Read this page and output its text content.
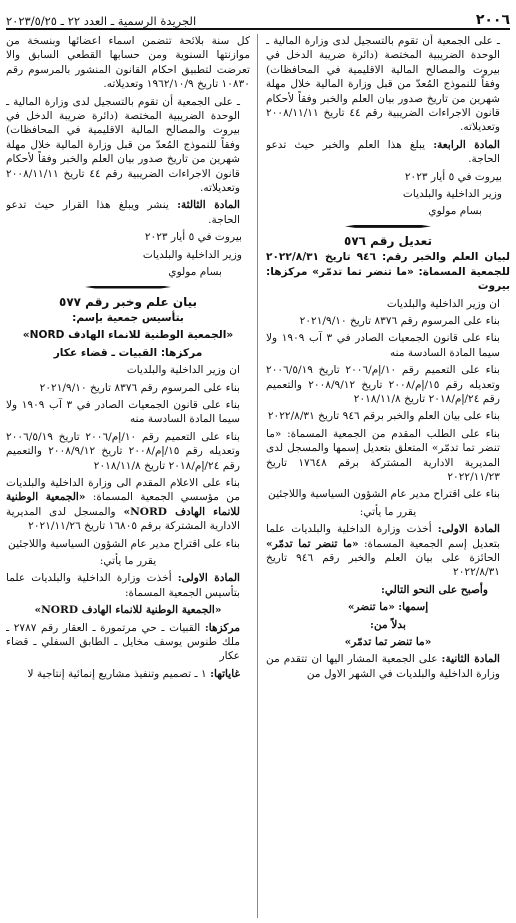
٢٠٠٦
الجريدة الرسمية ـ العدد ٢٢ ـ ٢٠٢٣/٥/٢٥

ـ على الجمعية أن تقوم بالتسجيل لدى وزارة المالية ـ الوحدة الضريبية المختصة (دائرة ضريبة الدخل في بيروت والمصالح المالية الاقليمية في المحافظات) وفقاً للنموذج المُعدّ من قبل وزارة المالية خلال مهلة شهرين من تاريخ صدور بيان العلم والخبر وفقاً لأحكام قانون الاجراءات الضريبية رقم ٤٤ تاريخ ٢٠٠٨/١١/١١ وتعديلاته.

المادة الرابعة: يبلغ هذا العلم والخبر حيث تدعو الحاجة.

بيروت في ٥ أيار ٢٠٢٣

وزير الداخلية والبلديات

بسام مولوي

تعديل رقم ٥٧٦

لبيان العلم والخبر رقم: ٩٤٦ تاريخ ٢٠٢٢/٨/٣١ للجمعية المسماة: «ما تنضر تما تدمّر» مركزها: بيروت

ان وزير الداخلية والبلديات

بناء على المرسوم رقم ٨٣٧٦ تاريخ ٢٠٢١/٩/١٠

بناء على قانون الجمعيات الصادر في ٣ آب ١٩٠٩ ولا سيما المادة السادسة منه

بناء على التعميم رقم ١٠/إم/٢٠٠٦ تاريخ ٢٠٠٦/٥/١٩ وتعديله رقم ١٥/إم/٢٠٠٨ تاريخ ٢٠٠٨/٩/١٢ والتعميم رقم ٢٤/إم/٢٠١٨ تاريخ ٢٠١٨/١١/٨

بناء على بيان العلم والخبر برقم ٩٤٦ تاريخ ٢٠٢٢/٨/٣١

بناء على الطلب المقدم من الجمعية المسماة: «ما تنضر تما تدمّر» المتعلق بتعديل إسمها والمسجل لدى المديرية الادارية المشتركة برقم ١٧٦٤٨ تاريخ ٢٠٢٢/١١/٢٣

بناء على اقتراح مدير عام الشؤون السياسية واللاجئين

يقرر ما يأتي:

المادة الاولى: أخذت وزارة الداخلية والبلديات علما بتعديل إسم الجمعية المسماة: «ما تنضر تما تدمّر» الحائزة على بيان العلم والخبر رقم ٩٤٦ تاريخ ٢٠٢٢/٨/٣١

وأصبح على النحو التالي:

إسمها: «ما تنضر»

بدلاً من:

«ما تنضر تما تدمّر»

المادة الثانية: على الجمعية المشار اليها ان تتقدم من وزارة الداخلية والبلديات في الشهر الاول من

كل سنة بلائحة تتضمن اسماء اعضائها وبنسخة من موازنتها السنوية ومن حسابها القطعي السابق والا تعرضت لتطبيق احكام القانون المنشور بالمرسوم رقم ١٠٨٣٠ تاريخ ١٩٦٢/١٠/٩ وتعديلاته.

ـ على الجمعية أن تقوم بالتسجيل لدى وزارة المالية ـ الوحدة الضريبية المختصة (دائرة ضريبة الدخل في بيروت والمصالح المالية الاقليمية في المحافظات) وفقاً للنموذج المُعدّ من قبل وزارة المالية خلال مهلة شهرين من تاريخ صدور بيان العلم والخبر وفقاً لأحكام قانون الاجراءات الضريبية رقم ٤٤ تاريخ ٢٠٠٨/١١/١١ وتعديلاته.

المادة الثالثة: ينشر ويبلغ هذا القرار حيث تدعو الحاجة.

بيروت في ٥ أيار ٢٠٢٣

وزير الداخلية والبلديات

بسام مولوي

بيان علم وخبر رقم ٥٧٧

بتأسيس جمعية بإسم:

«الجمعية الوطنية للانماء الهادف NORD»

مركزها: القبيات ـ قضاء عكار

ان وزير الداخلية والبلديات

بناء على المرسوم رقم ٨٣٧٦ تاريخ ٢٠٢١/٩/١٠

بناء على قانون الجمعيات الصادر في ٣ آب ١٩٠٩ ولا سيما المادة السادسة منه

بناء على التعميم رقم ١٠/إم/٢٠٠٦ تاريخ ٢٠٠٦/٥/١٩ وتعديله رقم ١٥/إم/٢٠٠٨ تاريخ ٢٠٠٨/٩/١٢ والتعميم رقم ٢٤/إم/٢٠١٨ تاريخ ٢٠١٨/١١/٨

بناء على الاعلام المقدم الى وزارة الداخلية والبلديات من مؤسسي الجمعية المسماة: «الجمعية الوطنية للانماء الهادف NORD» والمسجل لدى المديرية الادارية المشتركة برقم ١٦٨٠٥ تاريخ ٢٠٢١/١١/٢٦

بناء على اقتراح مدير عام الشؤون السياسية واللاجئين

يقرر ما يأتي:

المادة الاولى: أخذت وزارة الداخلية والبلديات علما بتأسيس الجمعية المسماة:

«الجمعية الوطنية للانماء الهادف NORD»

مركزها: القبيات ـ حي مرتمورة ـ العقار رقم ٢٧٨٧ ـ ملك طنوس يوسف مخايل ـ الطابق السفلي ـ قضاء عكار

غاياتها: ١ ـ تصميم وتنفيذ مشاريع إنمائية إنتاجية لا
